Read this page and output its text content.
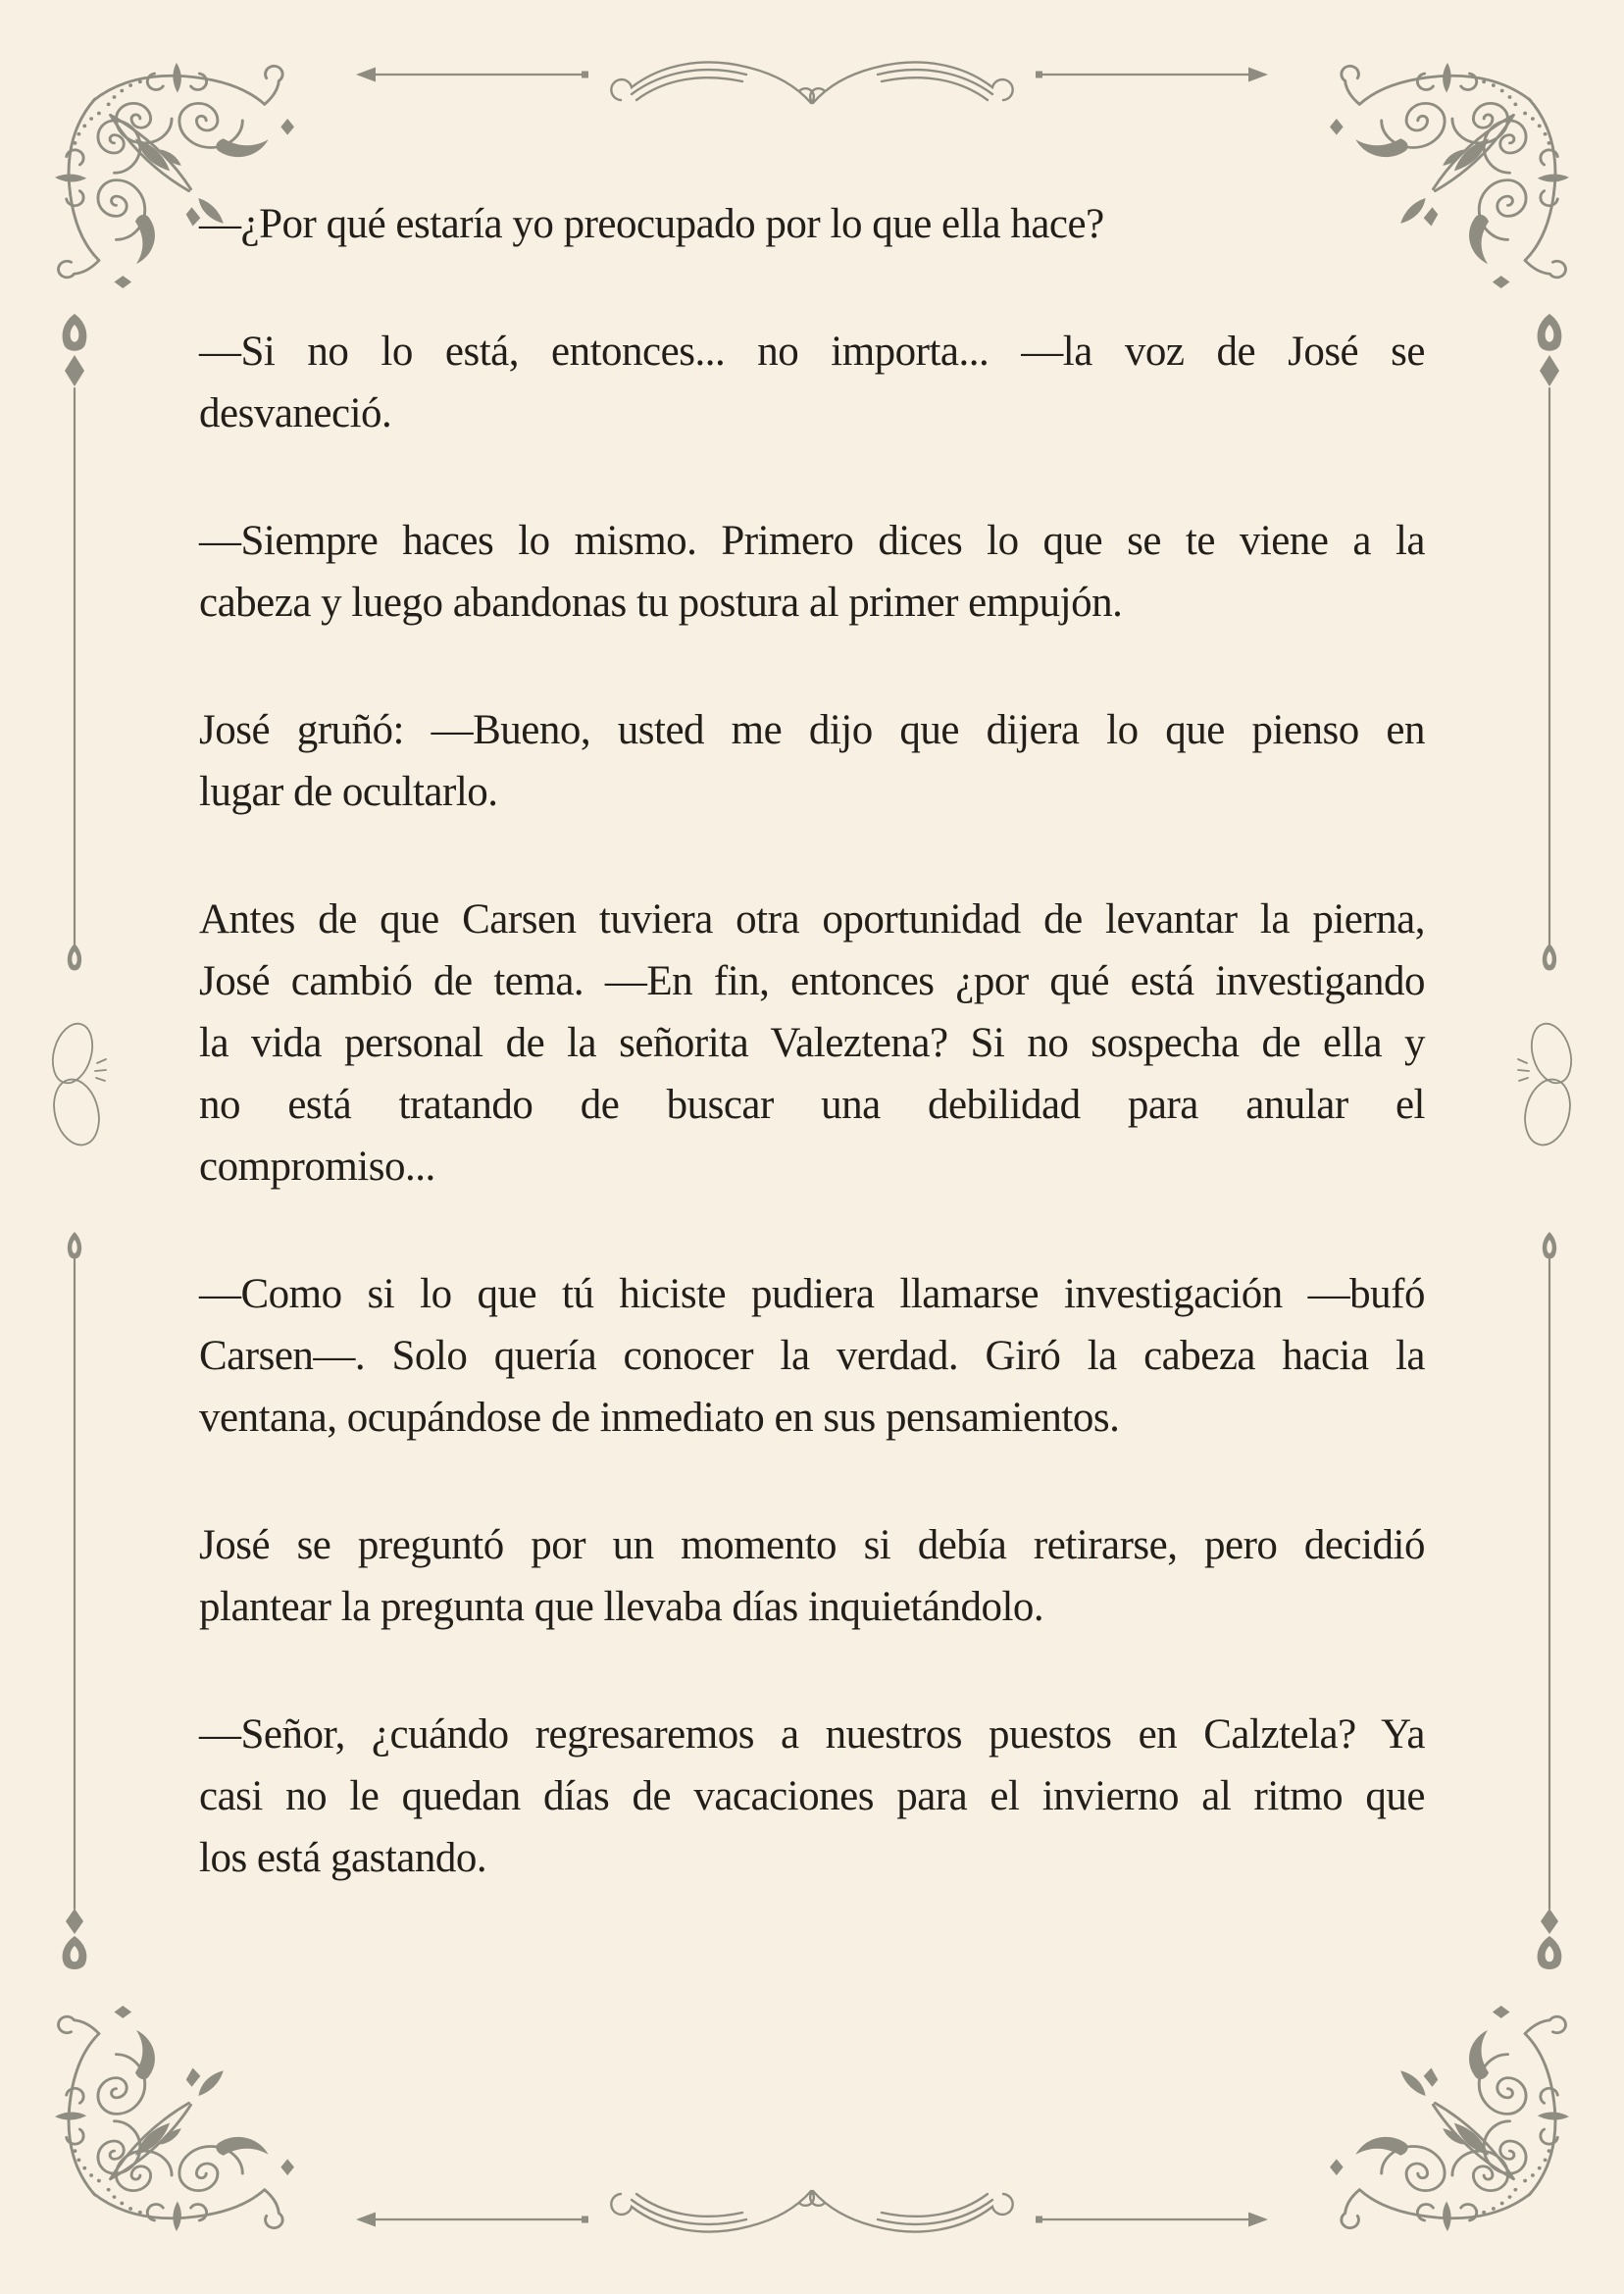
—¿Por qué estaría yo preocupado por lo que ella hace?
—Si no lo está, entonces... no importa... —la voz de José se
desvaneció.
—Siempre haces lo mismo. Primero dices lo que se te viene a la
cabeza y luego abandonas tu postura al primer empujón.
José gruñó: —Bueno, usted me dijo que dijera lo que pienso en
lugar de ocultarlo.
Antes de que Carsen tuviera otra oportunidad de levantar la pierna,
José cambió de tema. —En fin, entonces ¿por qué está investigando
la vida personal de la señorita Valeztena? Si no sospecha de ella y
no está tratando de buscar una debilidad para anular el
compromiso...
—Como si lo que tú hiciste pudiera llamarse investigación —bufó
Carsen—. Solo quería conocer la verdad. Giró la cabeza hacia la
ventana, ocupándose de inmediato en sus pensamientos.
José se preguntó por un momento si debía retirarse, pero decidió
plantear la pregunta que llevaba días inquietándolo.
—Señor, ¿cuándo regresaremos a nuestros puestos en Calztela? Ya
casi no le quedan días de vacaciones para el invierno al ritmo que
los está gastando.
